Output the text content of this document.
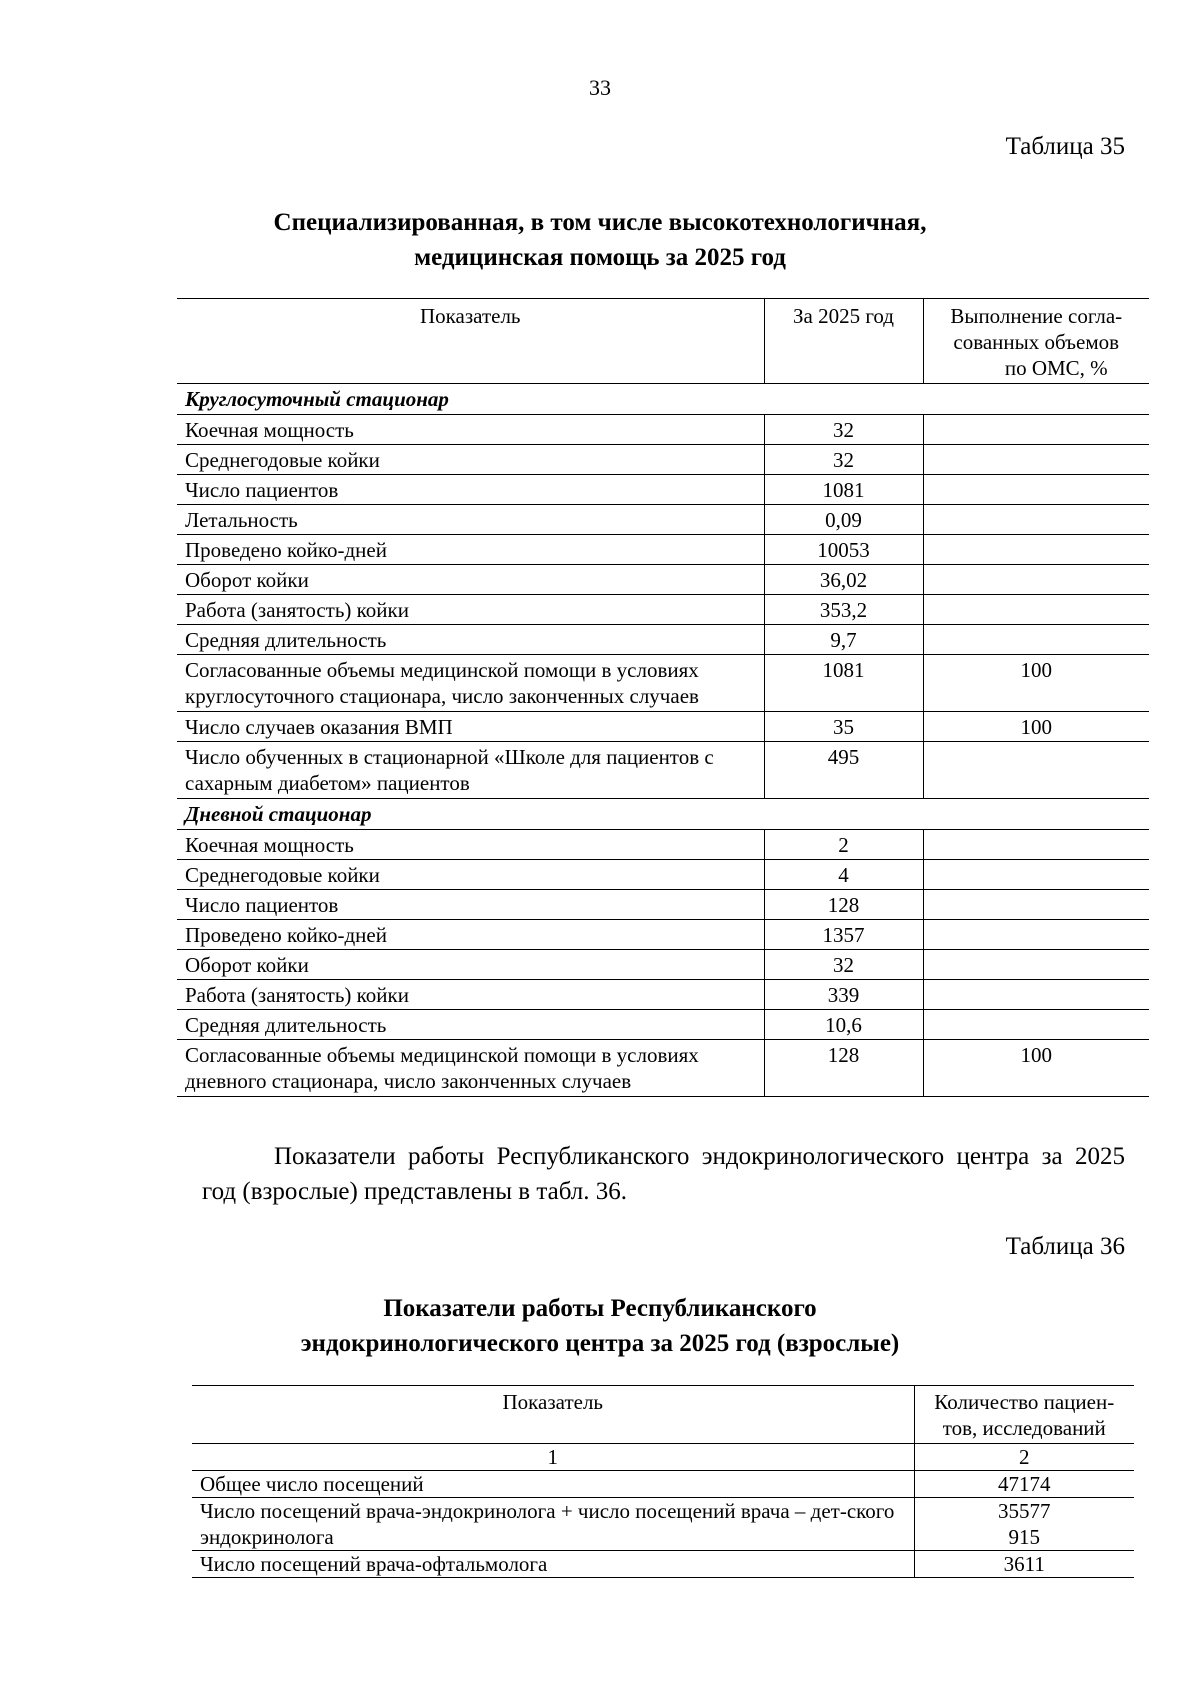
33
Таблица 35
Специализированная, в том числе высокотехнологичная,
медицинская помощь за 2025 год
Показатель	За 2025 год	Выполнение согла-
сованных объемов
по ОМС, %
Круглосуточный стационар		
Коечная мощность	32	
Среднегодовые койки	32	
Число пациентов	1081	
Летальность	0,09	
Проведено койко-дней	10053	
Оборот койки	36,02	
Работа (занятость) койки	353,2	
Средняя длительность	9,7	
Согласованные объемы медицинской помощи в условиях круглосуточного стационара, число законченных случаев	1081	100
Число случаев оказания ВМП	35	100
Число обученных в стационарной «Школе для пациентов с сахарным диабетом» пациентов	495	
Дневной стационар		
Коечная мощность	2	
Среднегодовые койки	4	
Число пациентов	128	
Проведено койко-дней	1357	
Оборот койки	32	
Работа (занятость) койки	339	
Средняя длительность	10,6	
Согласованные объемы медицинской помощи в условиях дневного стационара, число законченных случаев	128	100
Показатели работы Республиканского эндокринологического центра за 2025 год (взрослые) представлены в табл. 36.
Таблица 36
Показатели работы Республиканского
эндокринологического центра за 2025 год (взрослые)
Показатель	Количество пациен-
тов, исследований
1	2
Общее число посещений	47174
Число посещений врача-эндокринолога + число посещений врача – дет-ского эндокринолога	35577
915
Число посещений врача-офтальмолога	3611
